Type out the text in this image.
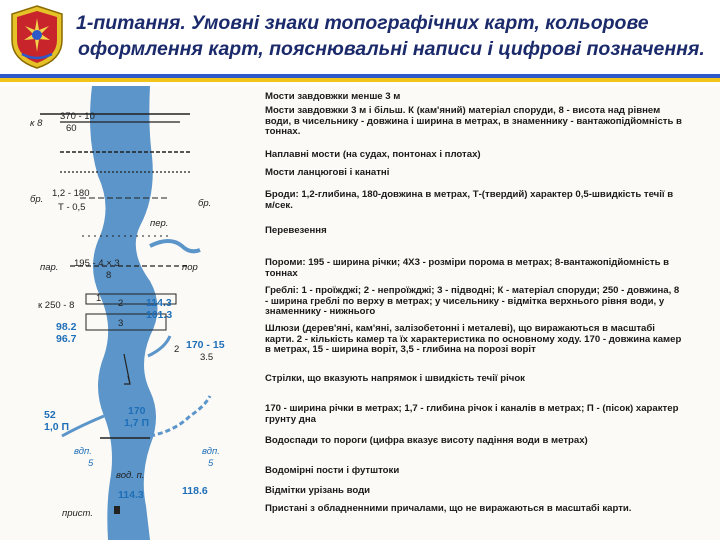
1-питання. Умовні знаки топографічних карт, кольорове
оформлення карт, пояснювальні написи і цифрові позначення.
к 8
370 - 10
60
бр.
1,2 - 180
Т - 0,5	бр.
пер.
пар. 195 - 4 × 3
8
пор
к 250 - 8
1 2
3
114.3
101.3
98.2
96.7
2 170 - 15
3.5
52
1,0 П
170
1,7 П
вдп.
5
вдп.
5
вод. п.
114.3	118.6
прист.
Мости завдовжки менше 3 м
Мости завдовжки 3 м і більш. К (кам'яний) матеріал споруди, 8 - висота над рівнем води, в чисельнику - довжина і ширина в метрах, в знаменнику - вантажопідйомність в тоннах.
Наплавні мости (на судах, понтонах і плотах)
Мости ланцюгові і канатні
Броди: 1,2-глибина, 180-довжина в метрах, Т-(твердий) характер 0,5-швидкість течії в м/сек.
Перевезення
Пороми: 195 - ширина річки; 4Х3 - розміри порома в метрах; 8-вантажопідйомність в тоннах
Греблі: 1 - проїжджі; 2 - непроїжджі; 3 - підводні; К - матеріал споруди; 250 - довжина, 8 - ширина греблі по верху в метрах; у чисельнику - відмітка верхнього рівня води, у знаменнику - нижнього
Шлюзи (дерев'яні, кам'яні, залізобетонні і металеві), що виражаються в масштабі карти. 2 - кількість камер та їх характеристика по основному ходу. 170 - довжина камер в метрах, 15 - ширина воріт, 3,5 - глибина на порозі воріт
Стрілки, що вказують напрямок і швидкість течії річок
170 - ширина річки в метрах; 1,7 - глибина річок і каналів в метрах; П - (пісок) характер грунту дна
Водоспади то пороги (цифра вказує висоту падіння води в метрах)
Водомірні пости і футштоки
Відмітки урізань води
Пристані з обладненними причалами, що не виражаються в масштабі карти.
